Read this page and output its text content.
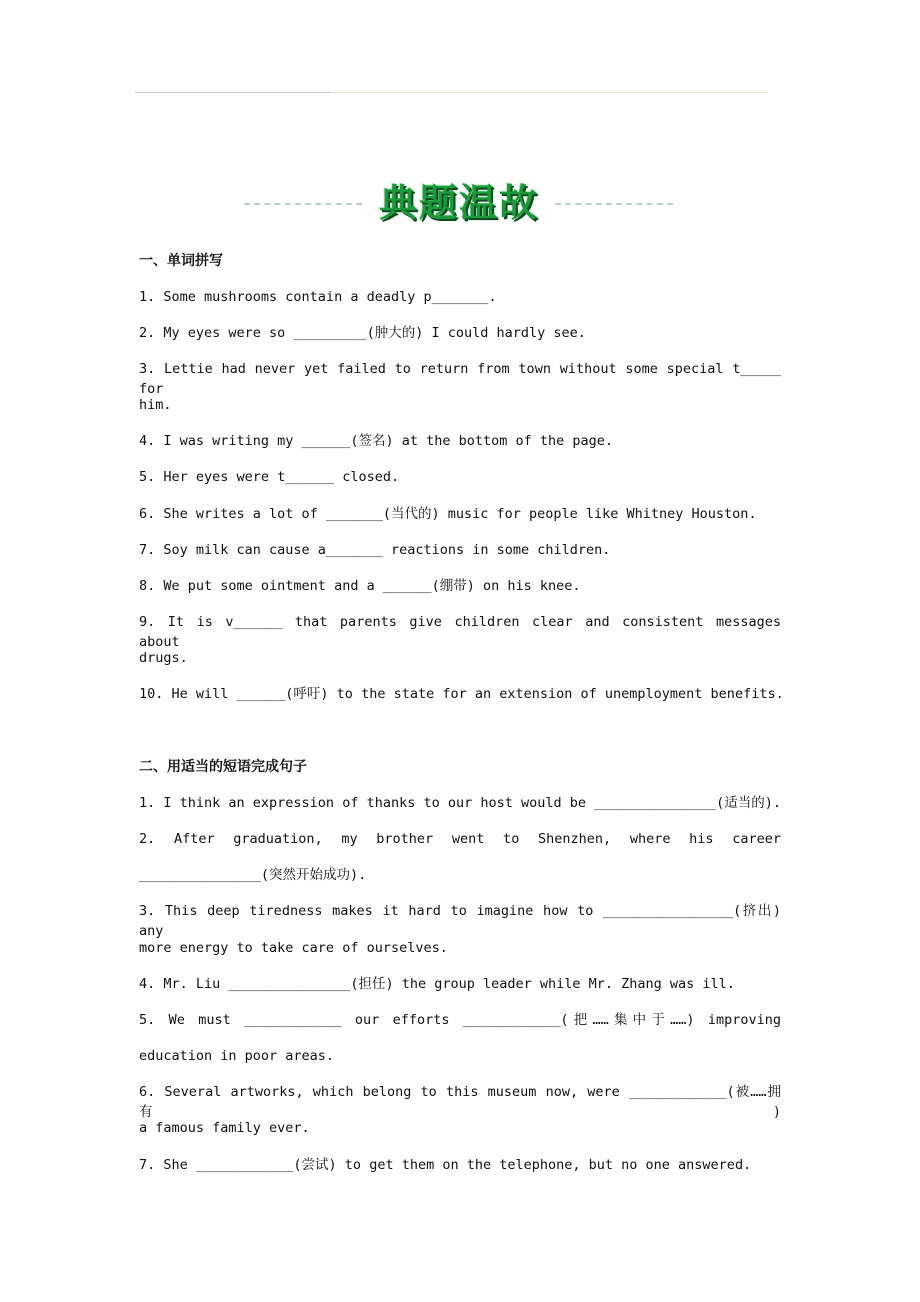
典题温故
一、单词拼写
1. Some mushrooms contain a deadly p_______.
2. My eyes were so _________(肿大的) I could hardly see.
3. Lettie had never yet failed to return from town without some special t_____ for
him.
4. I was writing my ______(签名) at the bottom of the page.
5. Her eyes were t______ closed.
6. She writes a lot of _______(当代的) music for people like Whitney Houston.
7. Soy milk can cause a_______ reactions in some children.
8. We put some ointment and a ______(绷带) on his knee.
9. It is v______ that parents give children clear and consistent messages about
drugs.
10. He will ______(呼吁) to the state for an extension of unemployment benefits.
二、用适当的短语完成句子
1. I think an expression of thanks to our host would be _______________(适当的).
2. After graduation, my brother went to Shenzhen, where his career
_______________(突然开始成功).
3. This deep tiredness makes it hard to imagine how to ________________(挤出) any
more energy to take care of ourselves.
4. Mr. Liu _______________(担任) the group leader while Mr. Zhang was ill.
5. We must ____________ our efforts ____________(把……集中于……) improving
education in poor areas.
6. Several artworks, which belong to this museum now, were ____________(被……拥有)
a famous family ever.
7. She ____________(尝试) to get them on the telephone, but no one answered.
